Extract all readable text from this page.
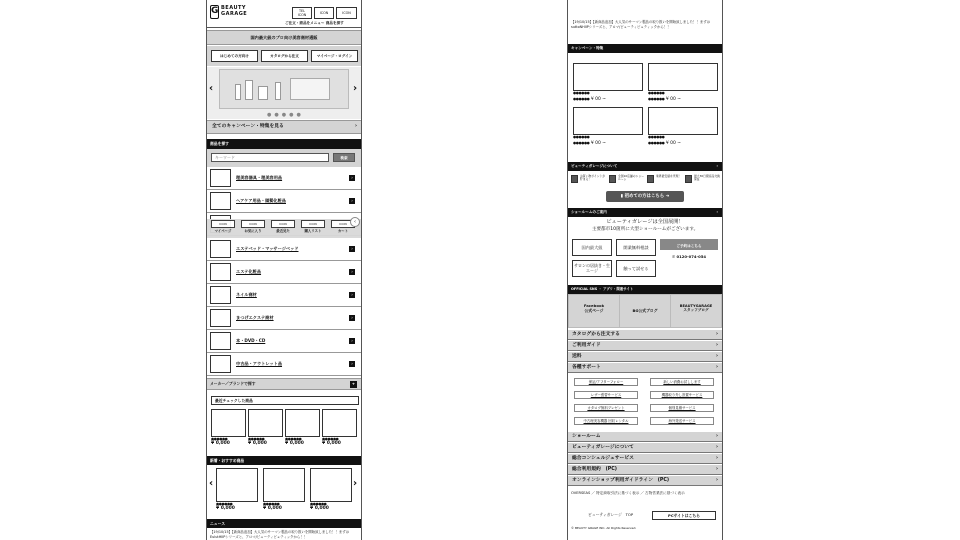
G BEAUTY
GARAGE	TEL
ICON	ICON	ICON
ご注文・商品をメニュー 商品を探す
国内最大級のプロ向け美容商材通販
はじめての方向け	カタログから注文	マイページ・ログイン
‹	›
●●●●●
全てのキャンペーン・特集を見る	›
商品を探す
キーワード
検索
理美容器具・理美容用品	›
ヘアケア用品・頭髪化粧品	›
ICON
マイページ
ICON
お気に入り
ICON
最近見た
ICON
購入リスト
ICON
カート
‹
エステベッド・マッサージベッド	›
エステ化粧品	›
ネイル商材	›
まつげエクステ商材	›
本・DVD・CD	›
中古品・アウトレット品	›
メーカー／ブランドで探す	+
最近チェックした商品
●●●●●●
¥ 0,000
●●●●●●
¥ 0,000
●●●●●●
¥ 0,000
●●●●●●
¥ 0,000
新着・おすすめ商品
‹
●●●●●●
¥ 0,000
●●●●●●
¥ 0,000
●●●●●●
¥ 0,000
›
ニュース
【19/10/15】【新商品追加】大人気のサーマン製品の取り扱いを開始致しました！！まずはEulutHIIPシリーズと、アロマ/ピューティビュティックから！！
【19/10/15】【新商品追加】大人気のサーマン製品の取り扱いを開始致しました！！まずはsuttoNHIIPシリーズと、アロマ/ビューティビュティックから！！
キャンペーン・特集
●●●●●●
●●●●●● ¥ 00 ~
●●●●●●
●●●●●● ¥ 00 ~
●●●●●●
●●●●●● ¥ 00 ~
●●●●●●
●●●●●● ¥ 00 ~
ビューティガレージについて	›
お買い物ポイントが貯まる！
全国10店舗のショールーム
業界最安値を実現！	最大30日間返品交換保証
▮ 初めての方はこちら ➜
ショールームのご案内	›
ビューティガレージは全国展開！
主要都市10箇所に大型ショールームがございます。
国内最大級	開業無料相談
サロンの居抜き・生エージ	触って試せる
ご予約はこちら
✆ 0120-074-054
OFFICIAL SNS ・ アプリ・関連サイト
Facebook
公式ページ	BG公式ブログ
BEAUTYGARAGE
スタッフブログ
カタログから注文する	›
ご利用ガイド	›
送料	›
各種サポート	›
保証/アフターフォロー	新しい消費お試しします
レザー張替サービス	機器取り外し設置サービス
カタログ無料プレゼント	個別見積サービス
中古理美容機器 回収レンタル	海外発送サービス
ショールーム	›
ビューティガレージについて	›
総合コンシェルジュサービス	›
総合利用規約　(PC)	›
オンラインショップ利用ガイドライン　(PC)	›
OVERSEAS ／ 特定商取引法に基づく表示 ／ 古物営業法に基づく表示
ビューティガレージ　TOP	PCサイトはこちら
© BEAUTY GRAGE INC. All Rights Reserved.
